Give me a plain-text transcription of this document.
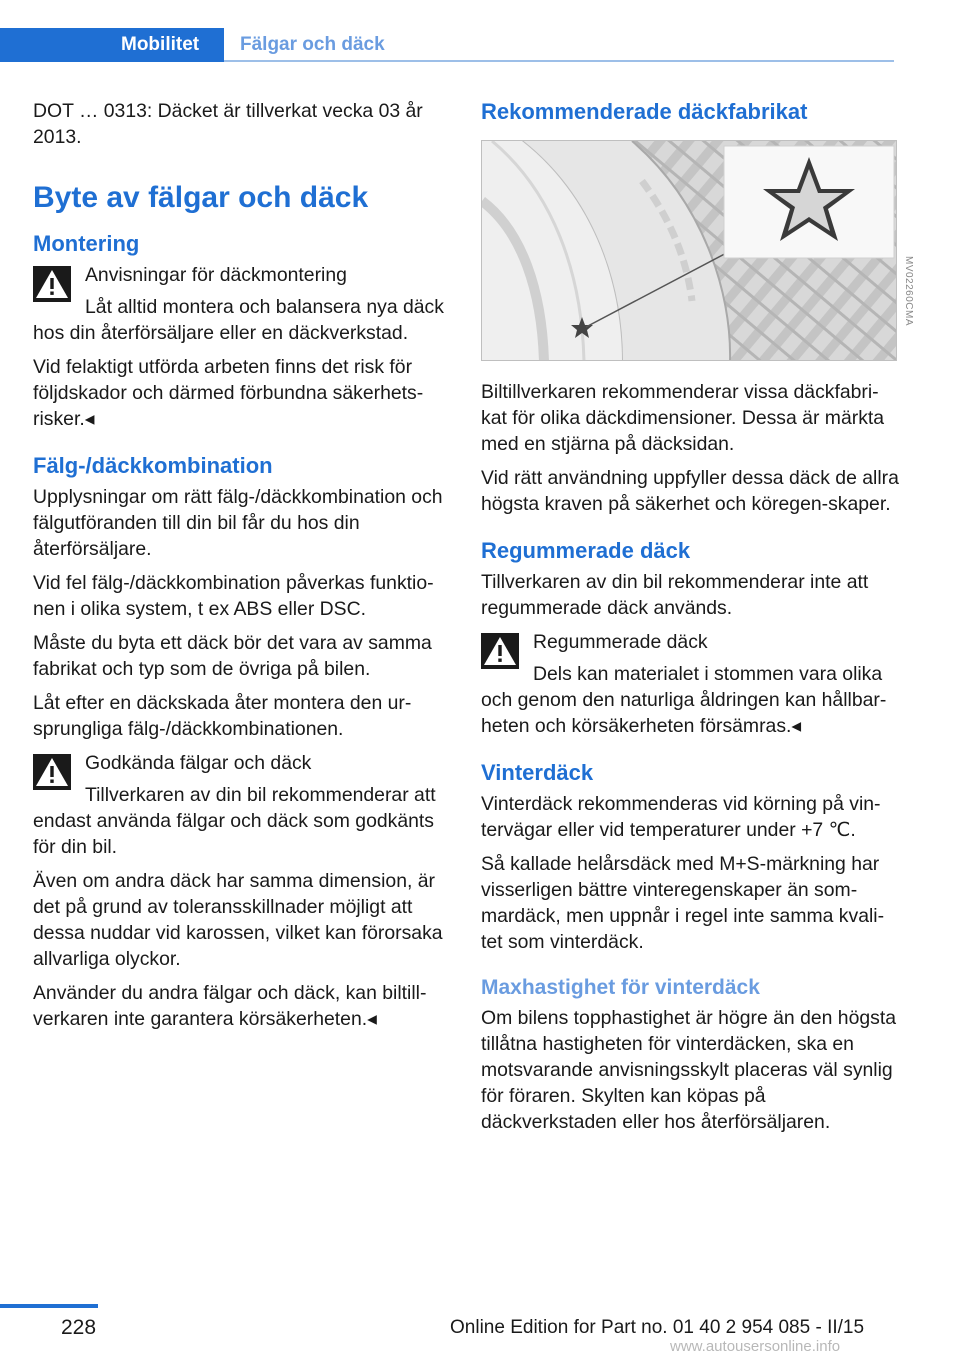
Mobilitet	Fälgar och däck

DOT … 0313: Däcket är tillverkat vecka 03 år 2013.

Byte av fälgar och däck
Montering
Anvisningar för däckmontering
Låt alltid montera och balansera nya däck hos din återförsäljare eller en däckverkstad.

Vid felaktigt utförda arbeten finns det risk för följdskador och därmed förbundna säkerhets-risker.◂

Fälg-/däckkombination

Upplysningar om rätt fälg-/däckkombination och fälgutföranden till din bil får du hos din återförsäljare.

Vid fel fälg-/däckkombination påverkas funktio-nen i olika system, t ex ABS eller DSC.

Måste du byta ett däck bör det vara av samma fabrikat och typ som de övriga på bilen.

Låt efter en däckskada åter montera den ur-sprungliga fälg-/däckkombinationen.

Godkända fälgar och däck
Tillverkaren av din bil rekommenderar att endast använda fälgar och däck som godkänts för din bil.

Även om andra däck har samma dimension, är det på grund av toleransskillnader möjligt att dessa nuddar vid karossen, vilket kan förorsaka allvarliga olyckor.

Använder du andra fälgar och däck, kan biltill-verkaren inte garantera körsäkerheten.◂

Rekommenderade däckfabrikat

Biltillverkaren rekommenderar vissa däckfabri-kat för olika däckdimensioner. Dessa är märkta med en stjärna på däcksidan.

Vid rätt användning uppfyller dessa däck de allra högsta kraven på säkerhet och köregen-skaper.

Regummerade däck

Tillverkaren av din bil rekommenderar inte att regummerade däck används.

Regummerade däck
Dels kan materialet i stommen vara olika och genom den naturliga åldringen kan hållbar-heten och körsäkerheten försämras.◂
Vinterdäck

Vinterdäck rekommenderas vid körning på vin-tervägar eller vid temperaturer under +7 ℃.

Så kallade helårsdäck med M+S-märkning har visserligen bättre vinteregenskaper än som-mardäck, men uppnår i regel inte samma kvali-tet som vinterdäck.

Maxhastighet för vinterdäck

Om bilens topphastighet är högre än den högsta tillåtna hastigheten för vinterdäcken, ska en motsvarande anvisningsskylt placeras väl synlig för föraren. Skylten kan köpas på däckverkstaden eller hos återförsäljaren.

MV02260CMA
228	Online Edition for Part no. 01 40 2 954 085 - II/15
www.autousersonline.info
